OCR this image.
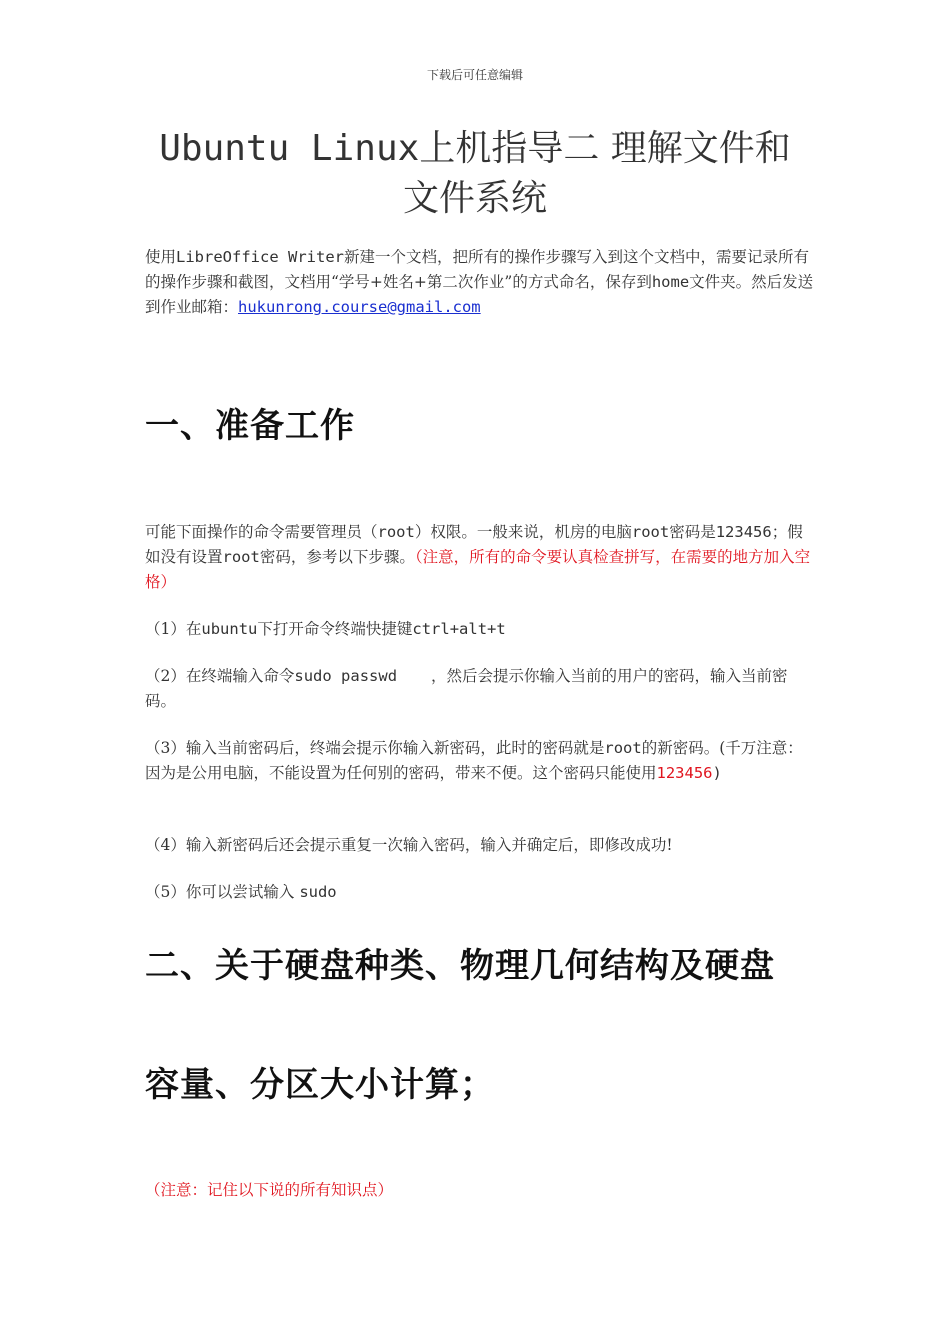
下载后可任意编辑
Ubuntu Linux上机指导二 理解文件和
文件系统
使用LibreOffice Writer新建一个文档，把所有的操作步骤写入到这个文档中，需要记录所有的操作步骤和截图，文档用“学号+姓名+第二次作业”的方式命名，保存到home文件夹。然后发送到作业邮箱：hukunrong.course@gmail.com
一、准备工作
可能下面操作的命令需要管理员（root）权限。一般来说，机房的电脑root密码是123456；假如没有设置root密码，参考以下步骤。（注意，所有的命令要认真检查拼写，在需要的地方加入空格）
（1）在ubuntu下打开命令终端快捷键ctrl+alt+t
（2）在终端输入命令sudo passwd ，然后会提示你输入当前的用户的密码，输入当前密码。
（3）输入当前密码后，终端会提示你输入新密码，此时的密码就是root的新密码。(千万注意：因为是公用电脑，不能设置为任何别的密码，带来不便。这个密码只能使用123456)
（4）输入新密码后还会提示重复一次输入密码，输入并确定后，即修改成功!
（5）你可以尝试输入 sudo
二、关于硬盘种类、物理几何结构及硬盘
容量、分区大小计算；
（注意：记住以下说的所有知识点）
